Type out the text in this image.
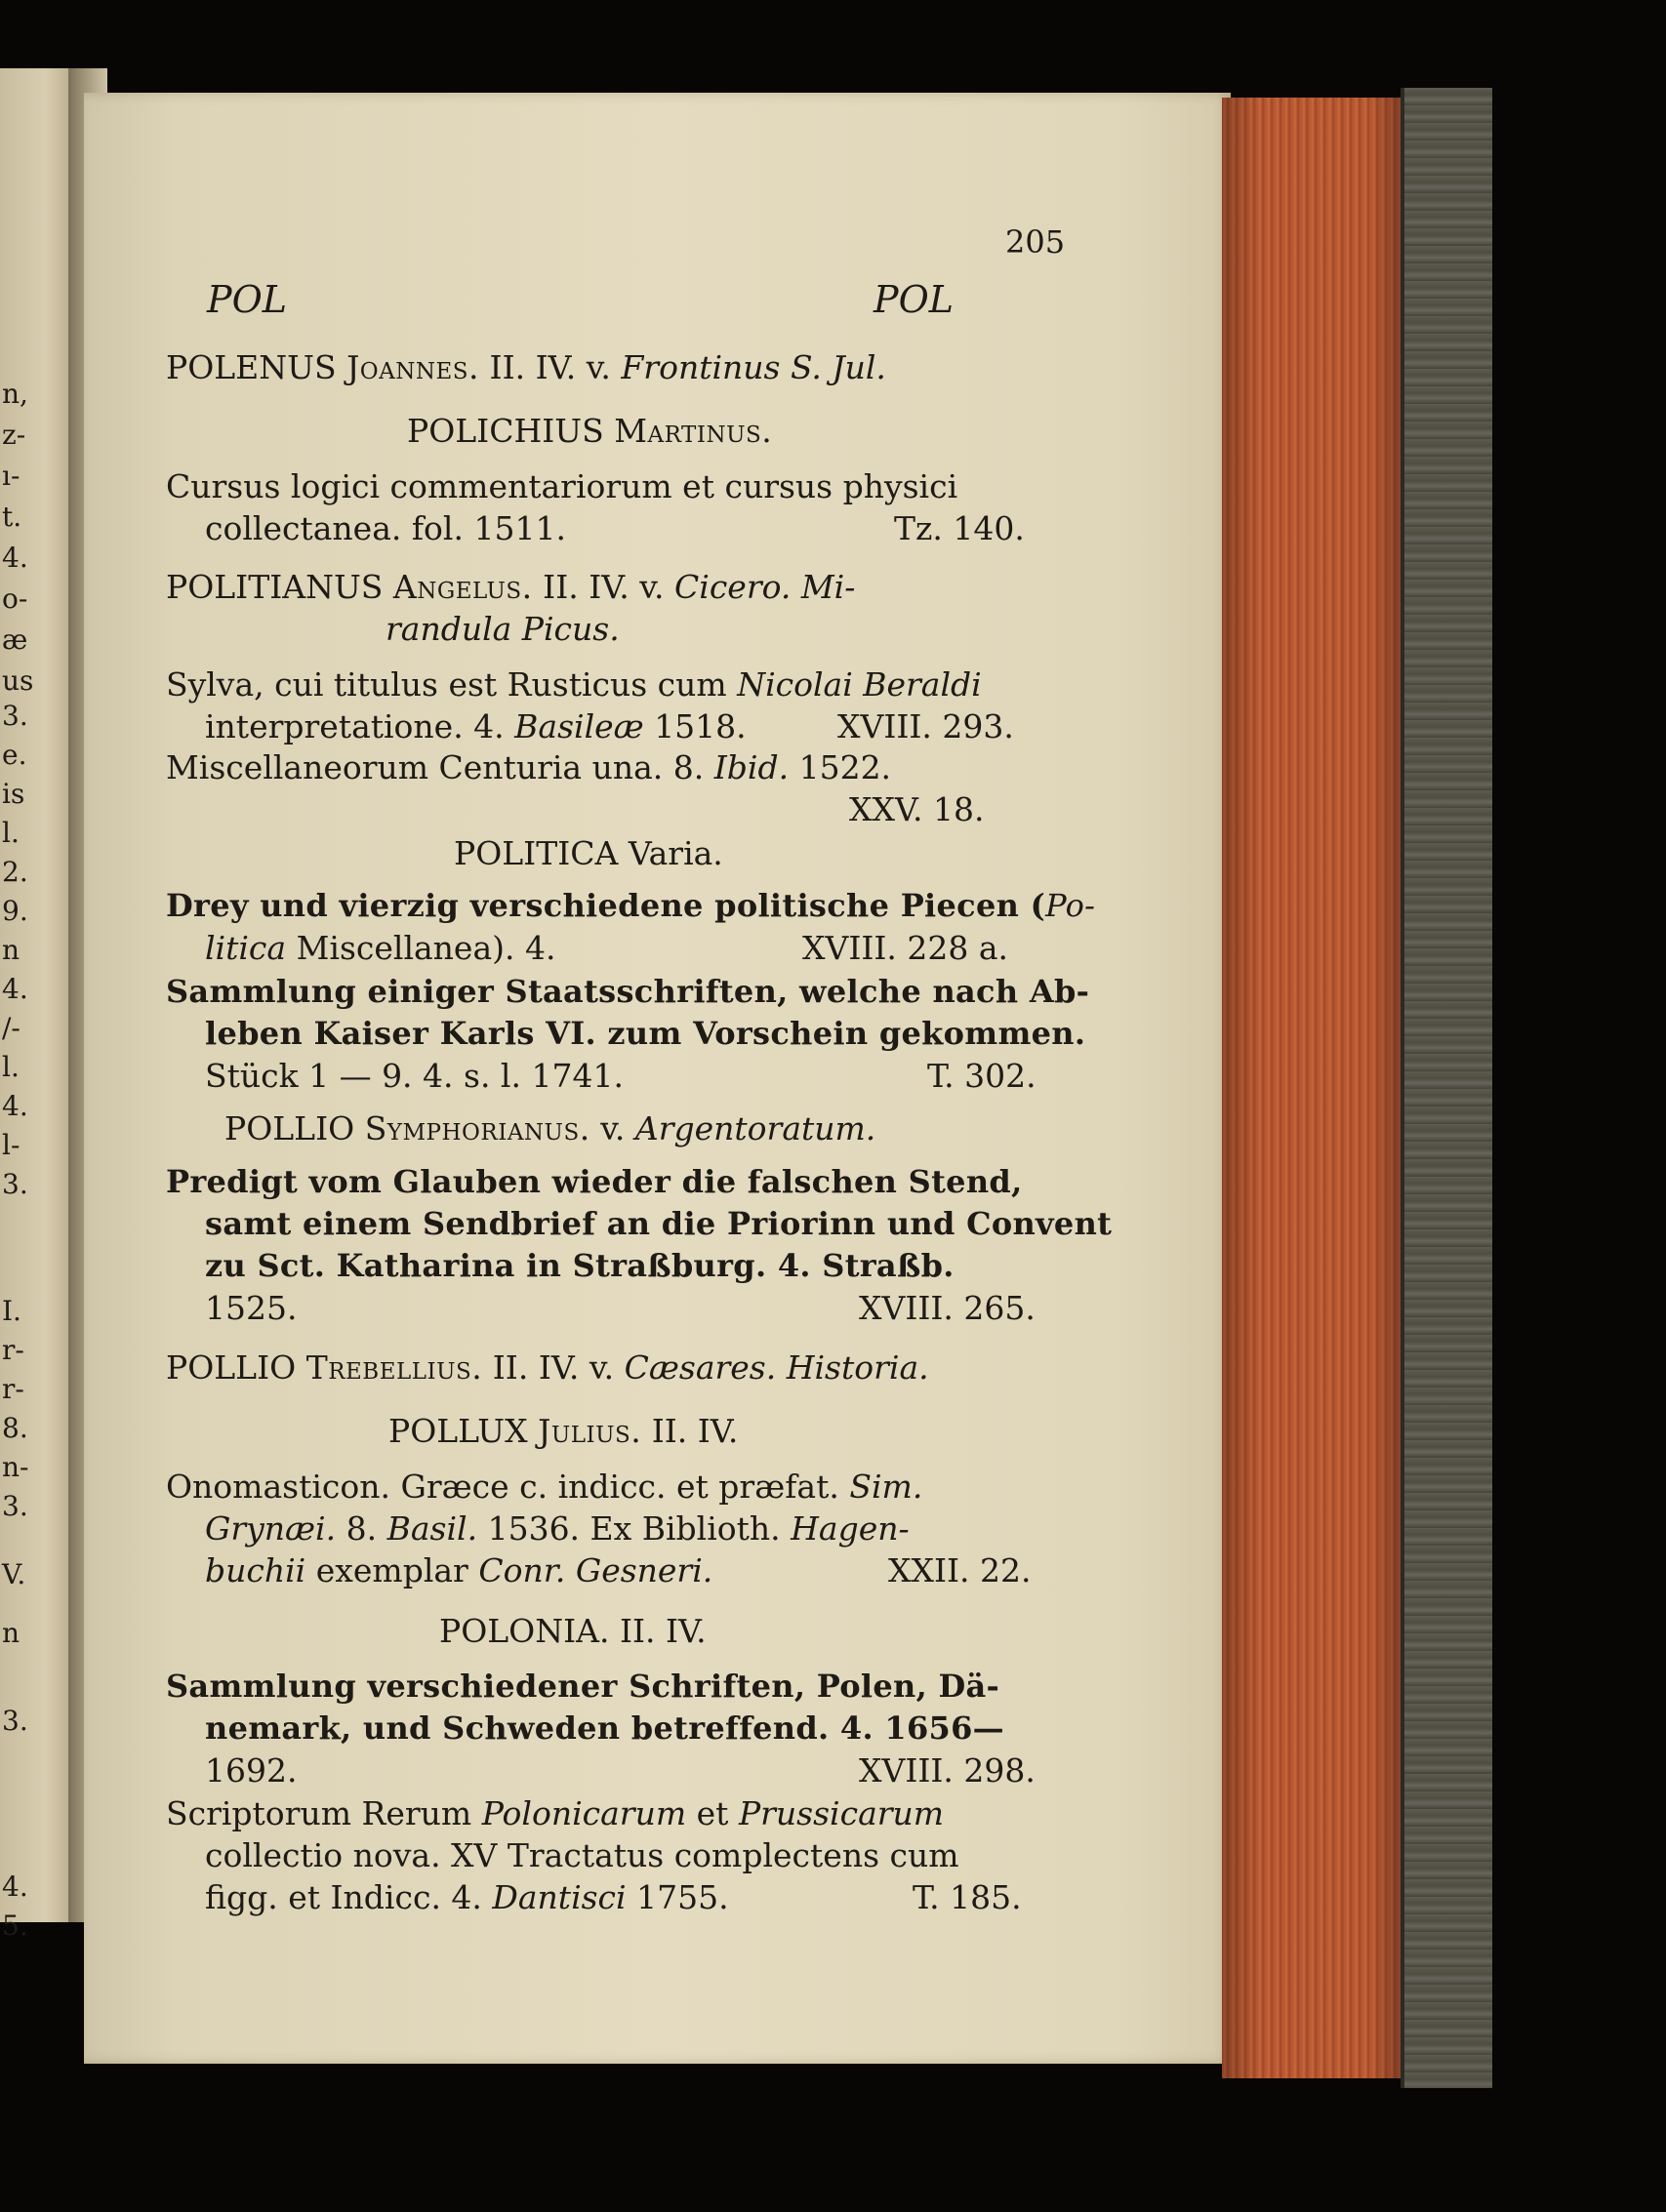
n,
z-
ı-
t.
4.
o-
æ
us
3.
e.
is
l.
2.
9.
n
4.
/-
l.
4.
l-
3.
I.
r-
r-
8.
n-
3.
V.
n
3.
4.
5.
205
POL	POL
POLENUS Joannes. II. IV. v. Frontinus S. Jul.
POLICHIUS Martinus.
Cursus logici commentariorum et cursus physici
collectanea. fol. 1511.	Tz. 140.
POLITIANUS Angelus. II. IV. v. Cicero. Mi-
randula Picus.
Sylva, cui titulus est Rusticus cum Nicolai Beraldi
interpretatione. 4. Basileæ 1518.	XVIII. 293.
Miscellaneorum Centuria una. 8. Ibid. 1522.
XXV. 18.
POLITICA Varia.
Drey und vierzig verschiedene politische Piecen (Po-
litica Miscellanea). 4.	XVIII. 228 a.
Sammlung einiger Staatsschriften, welche nach Ab-
leben Kaiser Karls VI. zum Vorschein gekommen.
Stück 1 — 9. 4. s. l. 1741.	T. 302.
POLLIO Symphorianus. v. Argentoratum.
Predigt vom Glauben wieder die falschen Stend,
samt einem Sendbrief an die Priorinn und Convent
zu Sct. Katharina in Straßburg. 4. Straßb.
1525.	XVIII. 265.
POLLIO Trebellius. II. IV. v. Cæsares. Historia.
POLLUX Julius. II. IV.
Onomasticon. Græce c. indicc. et præfat. Sim.
Grynæi. 8. Basil. 1536. Ex Biblioth. Hagen-
buchii exemplar Conr. Gesneri.	XXII. 22.
POLONIA. II. IV.
Sammlung verschiedener Schriften, Polen, Dä-
nemark, und Schweden betreffend. 4. 1656—
1692.	XVIII. 298.
Scriptorum Rerum Polonicarum et Prussicarum
collectio nova. XV Tractatus complectens cum
figg. et Indicc. 4. Dantisci 1755.	T. 185.
